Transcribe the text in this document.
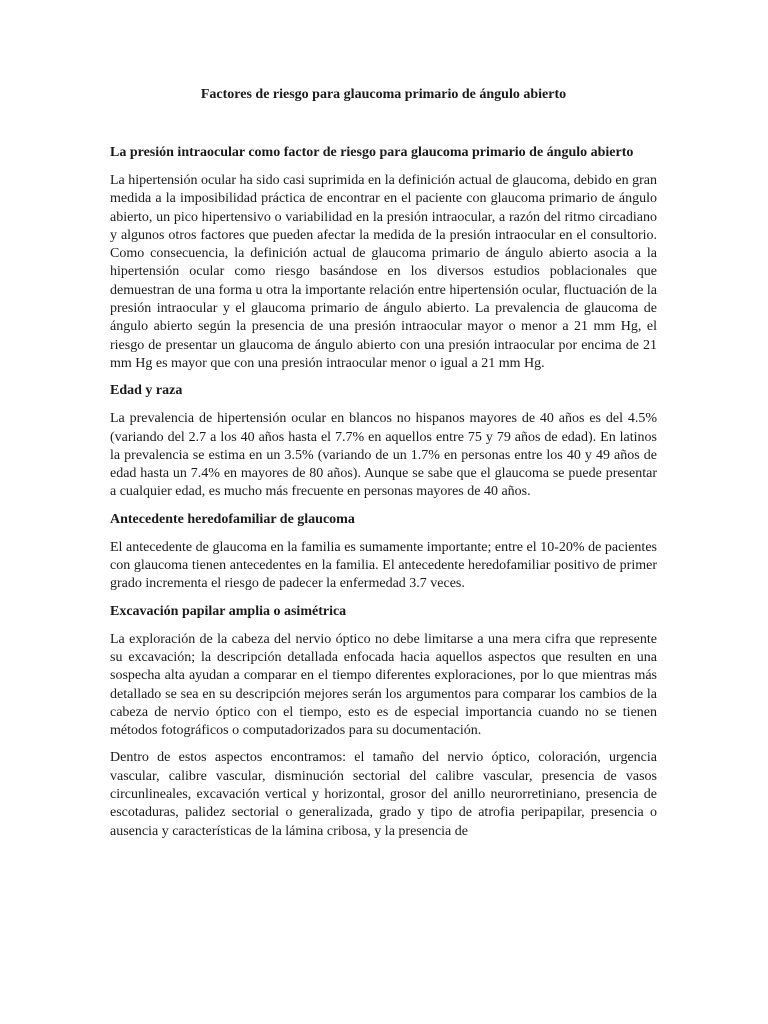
Factores de riesgo para glaucoma primario de ángulo abierto
La presión intraocular como factor de riesgo para glaucoma primario de ángulo abierto

La hipertensión ocular ha sido casi suprimida en la definición actual de glaucoma, debido en gran medida a la imposibilidad práctica de encontrar en el paciente con glaucoma primario de ángulo abierto, un pico hipertensivo o variabilidad en la presión intraocular, a razón del ritmo circadiano y algunos otros factores que pueden afectar la medida de la presión intraocular en el consultorio. Como consecuencia, la definición actual de glaucoma primario de ángulo abierto asocia a la hipertensión ocular como riesgo basándose en los diversos estudios poblacionales que demuestran de una forma u otra la importante relación entre hipertensión ocular, fluctuación de la presión intraocular y el glaucoma primario de ángulo abierto. La prevalencia de glaucoma de ángulo abierto según la presencia de una presión intraocular mayor o menor a 21 mm Hg, el riesgo de presentar un glaucoma de ángulo abierto con una presión intraocular por encima de 21 mm Hg es mayor que con una presión intraocular menor o igual a 21 mm Hg.

Edad y raza

La prevalencia de hipertensión ocular en blancos no hispanos mayores de 40 años es del 4.5% (variando del 2.7 a los 40 años hasta el 7.7% en aquellos entre 75 y 79 años de edad). En latinos la prevalencia se estima en un 3.5% (variando de un 1.7% en personas entre los 40 y 49 años de edad hasta un 7.4% en mayores de 80 años). Aunque se sabe que el glaucoma se puede presentar a cualquier edad, es mucho más frecuente en personas mayores de 40 años.

Antecedente heredofamiliar de glaucoma

El antecedente de glaucoma en la familia es sumamente importante; entre el 10-20% de pacientes con glaucoma tienen antecedentes en la familia. El antecedente heredofamiliar positivo de primer grado incrementa el riesgo de padecer la enfermedad 3.7 veces.

Excavación papilar amplia o asimétrica

La exploración de la cabeza del nervio óptico no debe limitarse a una mera cifra que represente su excavación; la descripción detallada enfocada hacia aquellos aspectos que resulten en una sospecha alta ayudan a comparar en el tiempo diferentes exploraciones, por lo que mientras más detallado se sea en su descripción mejores serán los argumentos para comparar los cambios de la cabeza de nervio óptico con el tiempo, esto es de especial importancia cuando no se tienen métodos fotográficos o computadorizados para su documentación.

Dentro de estos aspectos encontramos: el tamaño del nervio óptico, coloración, urgencia vascular, calibre vascular, disminución sectorial del calibre vascular, presencia de vasos circunlineales, excavación vertical y horizontal, grosor del anillo neurorretiniano, presencia de escotaduras, palidez sectorial o generalizada, grado y tipo de atrofia peripapilar, presencia o ausencia y características de la lámina cribosa, y la presencia de
